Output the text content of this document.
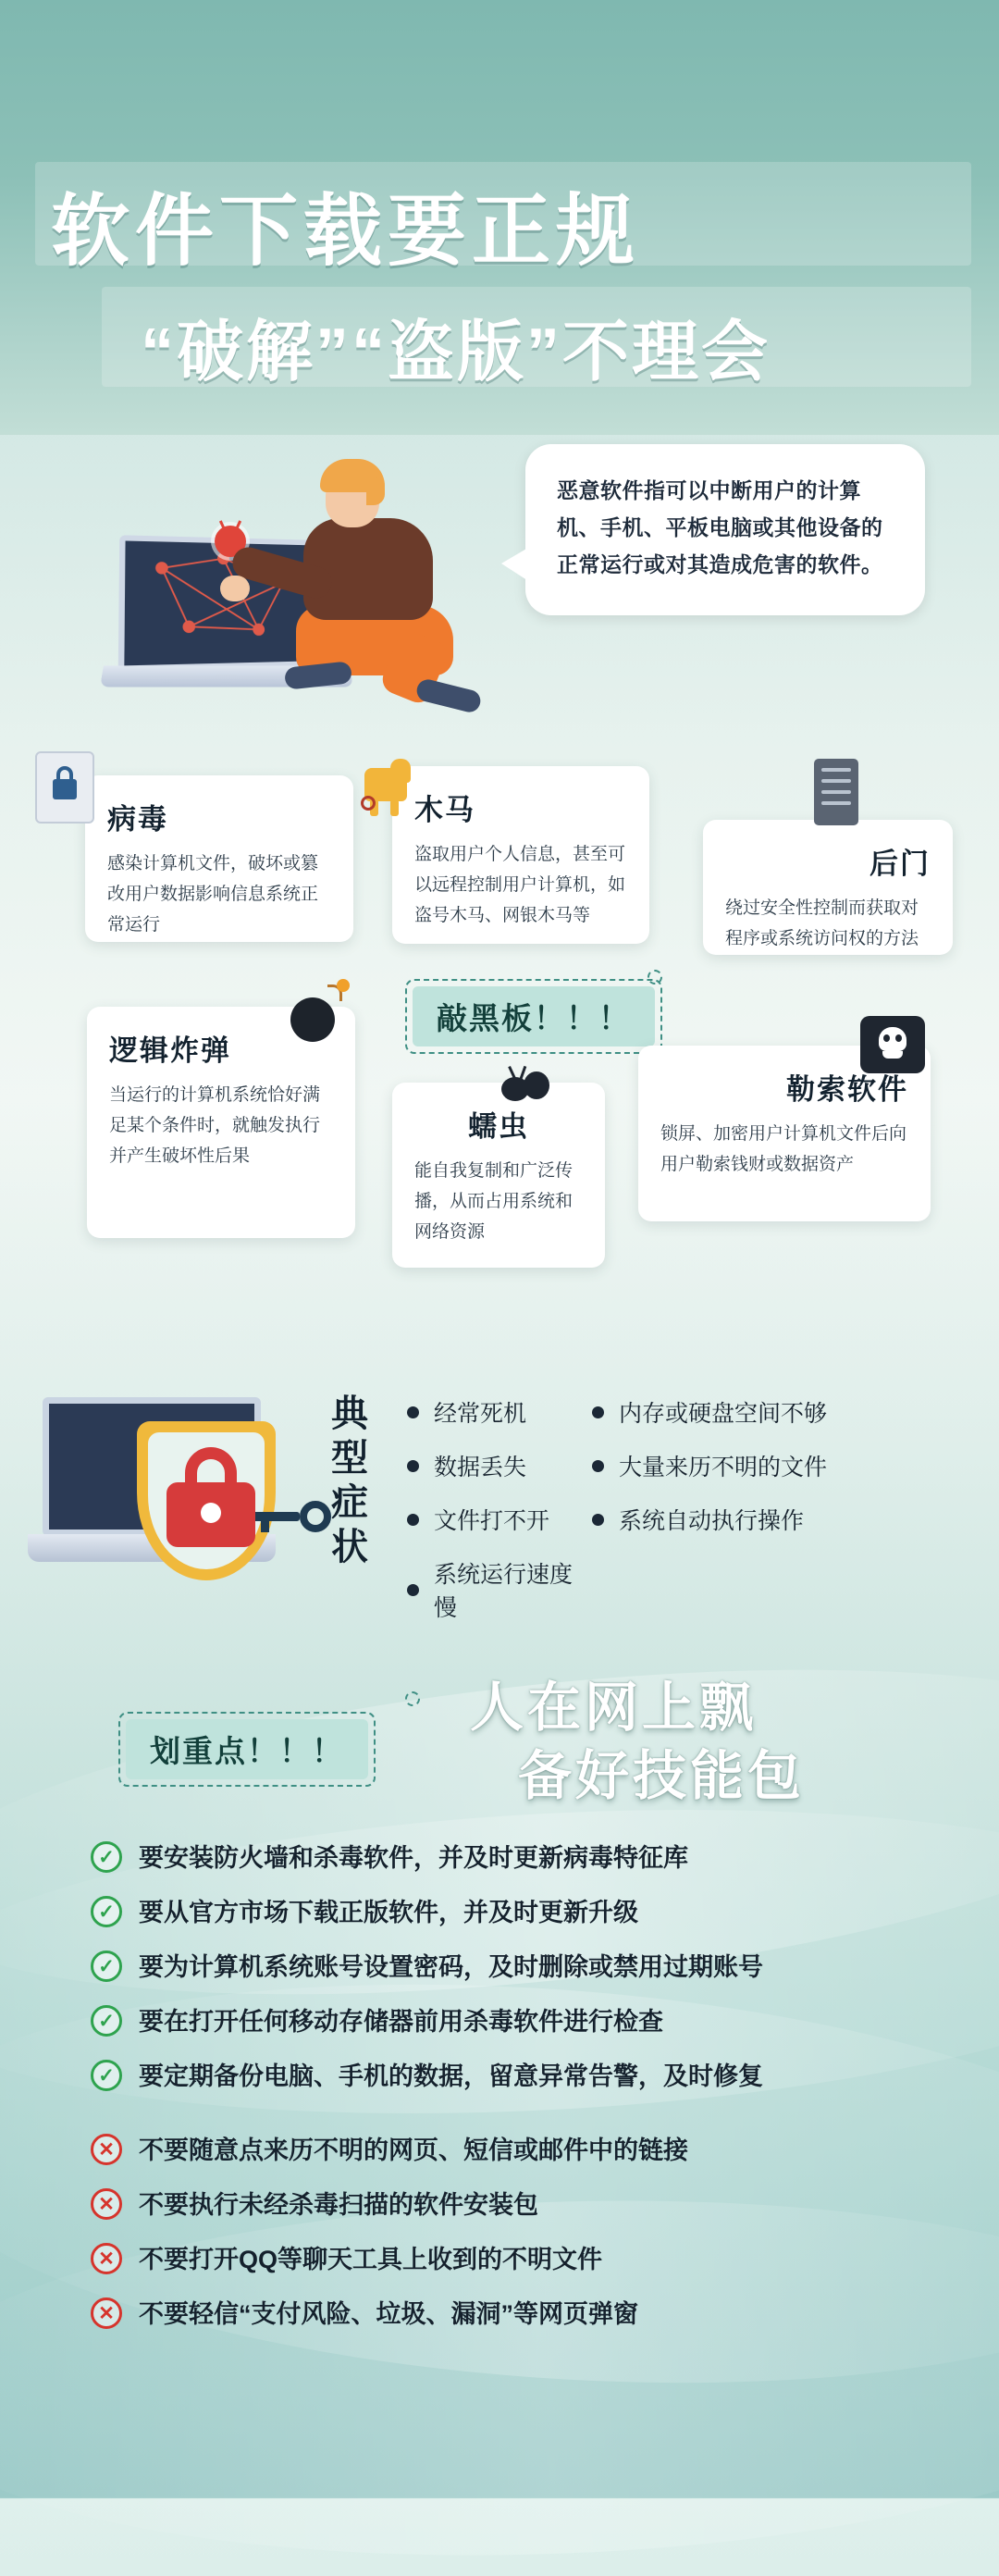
软件下载要正规
“破解”“盗版”不理会

恶意软件指可以中断用户的计算机、手机、平板电脑或其他设备的正常运行或对其造成危害的软件。

病毒

感染计算机文件，破坏或篡改用户数据影响信息系统正常运行

木马

盗取用户个人信息，甚至可以远程控制用户计算机，如盗号木马、网银木马等

后门

绕过安全性控制而获取对程序或系统访问权的方法

敲黑板！！！
逻辑炸弹

当运行的计算机系统恰好满足某个条件时，就触发执行并产生破坏性后果

蠕虫

能自我复制和广泛传播，从而占用系统和网络资源

勒索软件

锁屏、加密用户计算机文件后向用户勒索钱财或数据资产

典型症状
经常死机
数据丢失
文件打不开
系统运行速度慢
内存或硬盘空间不够
大量来历不明的文件
系统自动执行操作
人在网上飘
备好技能包
划重点！！！
✓ 要安装防火墙和杀毒软件，并及时更新病毒特征库
✓ 要从官方市场下载正版软件，并及时更新升级
✓ 要为计算机系统账号设置密码，及时删除或禁用过期账号
✓ 要在打开任何移动存储器前用杀毒软件进行检查
✓ 要定期备份电脑、手机的数据，留意异常告警，及时修复
✕ 不要随意点来历不明的网页、短信或邮件中的链接
✕ 不要执行未经杀毒扫描的软件安装包
✕ 不要打开QQ等聊天工具上收到的不明文件
✕ 不要轻信“支付风险、垃圾、漏洞”等网页弹窗
